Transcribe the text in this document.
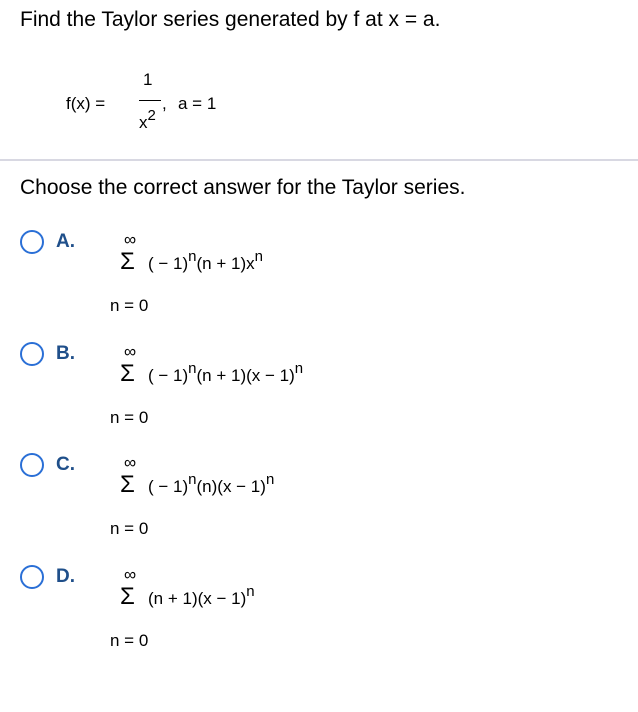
Find the Taylor series generated by f at x = a.
f(x) =
1
$x^2$
, a = 1
Choose the correct answer for the Taylor series.
A.	∞
Σ ( − $1)^n(n + 1)x^n$
n = 0
B.	∞
Σ ( − $1)^n(n + 1)(x - 1)^n$
n = 0
C.	∞
Σ ( − $1)^n(n)(x - 1)^n$
n = 0
D.	∞
Σ $(n + 1)(x - 1)^n$
n = 0
